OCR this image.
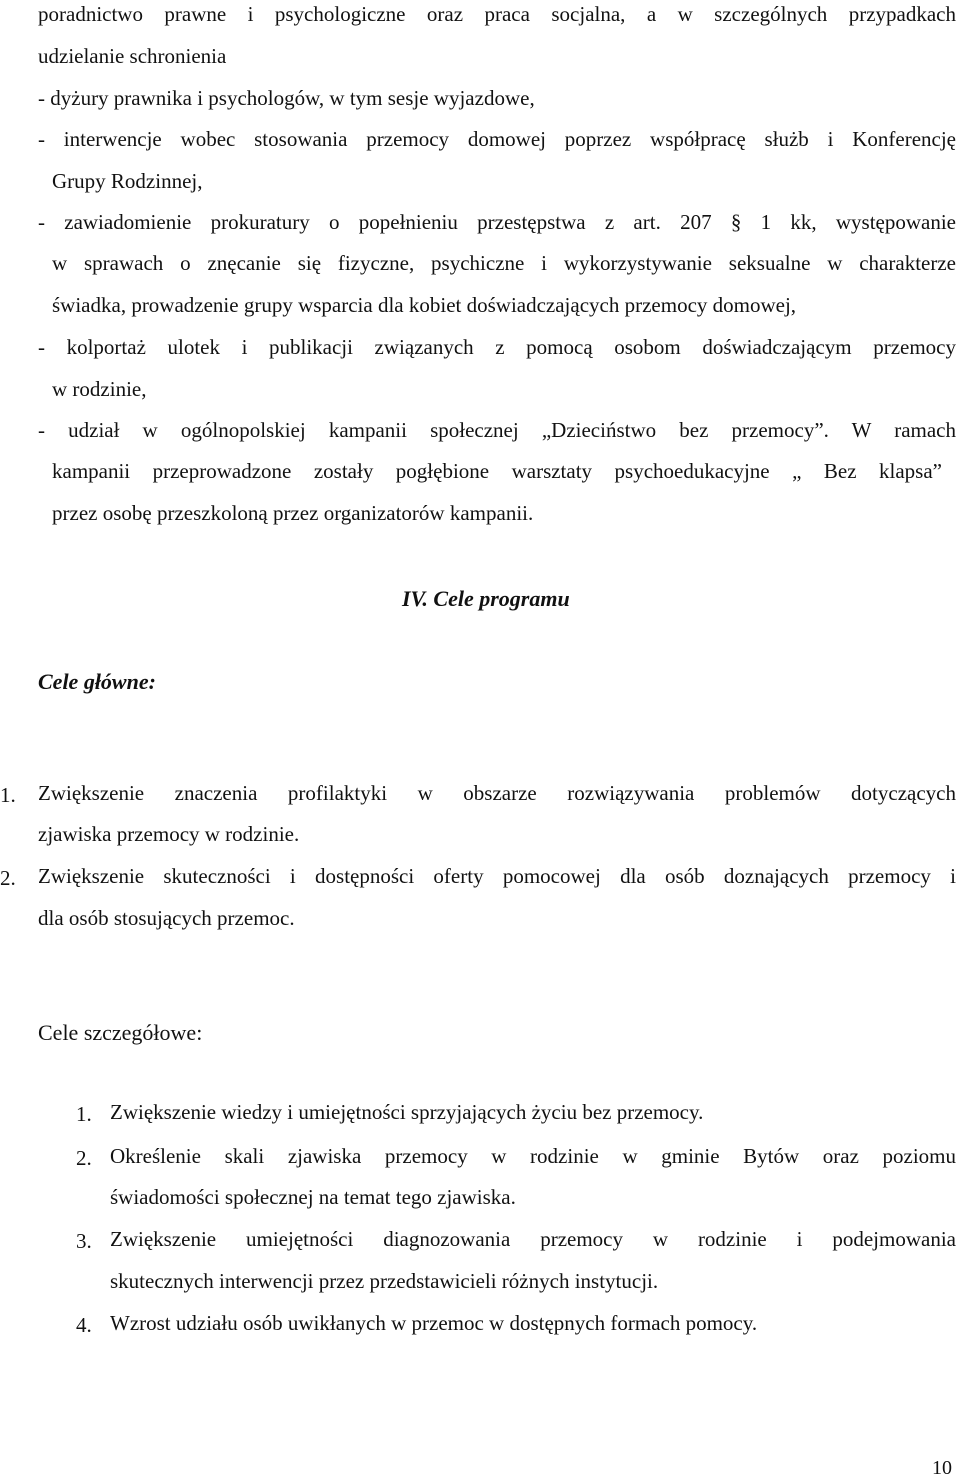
poradnictwo prawne i psychologiczne oraz praca socjalna, a w szczególnych przypadkach
udzielanie schronienia
- dyżury prawnika i psychologów, w tym sesje wyjazdowe,
- interwencje wobec stosowania przemocy domowej poprzez współpracę służb i Konferencję
Grupy Rodzinnej,
- zawiadomienie prokuratury o popełnieniu przestępstwa z art. 207 § 1 kk, występowanie
w sprawach o znęcanie się fizyczne, psychiczne i wykorzystywanie seksualne w charakterze
świadka, prowadzenie grupy wsparcia dla kobiet doświadczających przemocy domowej,
- kolportaż ulotek i publikacji związanych z pomocą osobom doświadczającym przemocy
w rodzinie,
- udział w ogólnopolskiej kampanii społecznej „Dzieciństwo bez przemocy”. W ramach
kampanii przeprowadzone zostały pogłębione warsztaty psychoedukacyjne „ Bez klapsa”
przez osobę przeszkoloną przez organizatorów kampanii.
IV. Cele programu
Cele główne:
1. Zwiększenie znaczenia profilaktyki w obszarze rozwiązywania problemów dotyczących
zjawiska przemocy w rodzinie.
2. Zwiększenie skuteczności i dostępności oferty pomocowej dla osób doznających przemocy i
dla osób stosujących przemoc.
Cele szczegółowe:
1. Zwiększenie wiedzy i umiejętności sprzyjających życiu bez przemocy.
2. Określenie skali zjawiska przemocy w rodzinie w gminie Bytów oraz poziomu
świadomości społecznej na temat tego zjawiska.
3. Zwiększenie umiejętności diagnozowania przemocy w rodzinie i podejmowania
skutecznych interwencji przez przedstawicieli różnych instytucji.
4. Wzrost udziału osób uwikłanych w przemoc w dostępnych formach pomocy.
10
